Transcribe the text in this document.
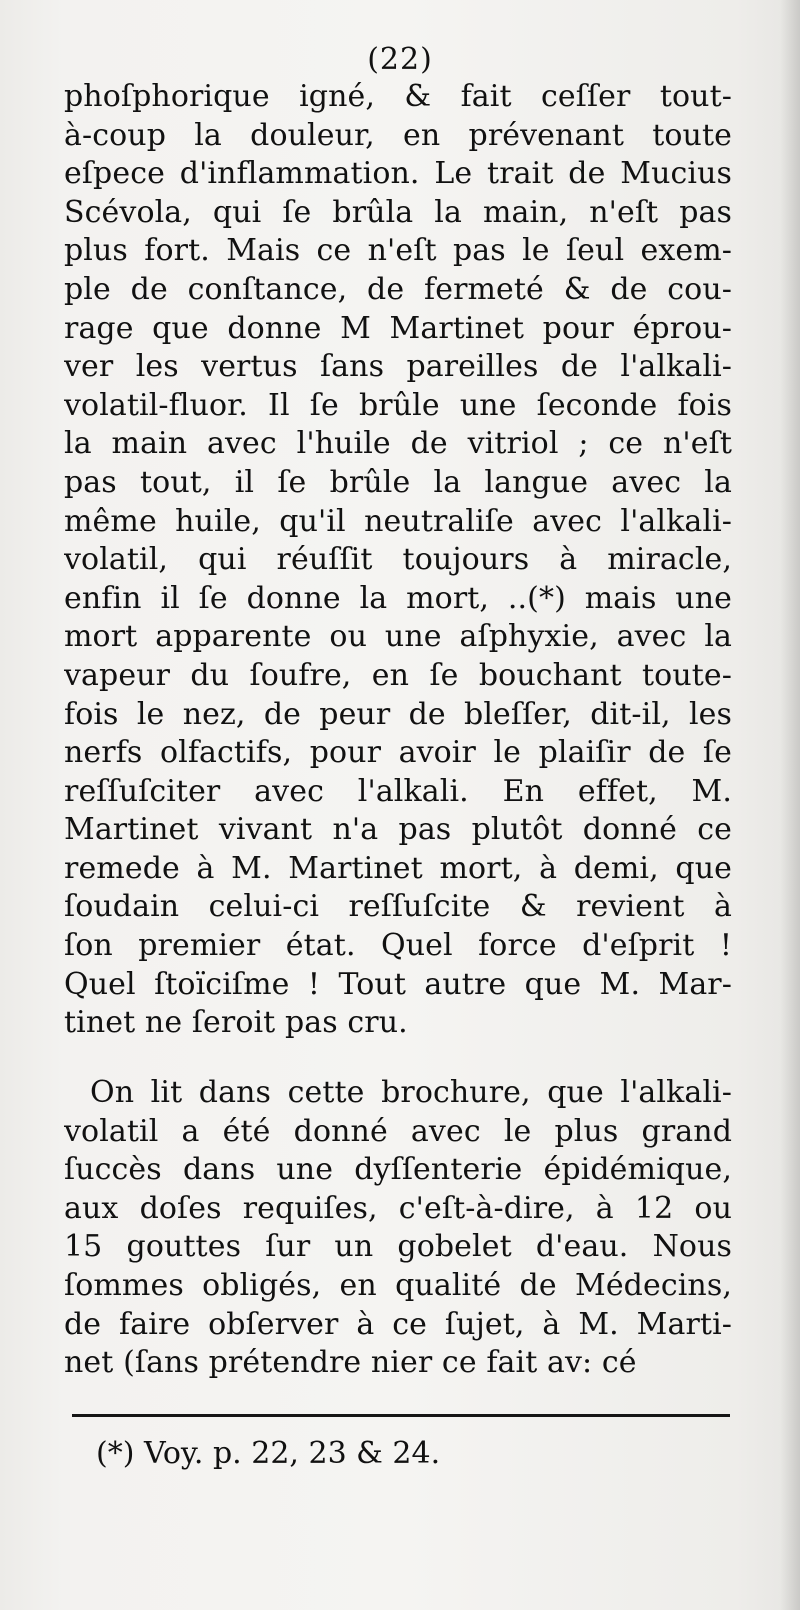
(22)
phoſphorique igné, & fait ceſſer tout-
à-coup la douleur, en prévenant toute
eſpece d'inflammation. Le trait de Mucius
Scévola, qui ſe brûla la main, n'eſt pas
plus fort. Mais ce n'eſt pas le ſeul exem-
ple de conſtance, de fermeté & de cou-
rage que donne M Martinet pour éprou-
ver les vertus ſans pareilles de l'alkali-
volatil-fluor. Il ſe brûle une ſeconde fois
la main avec l'huile de vitriol ; ce n'eſt
pas tout, il ſe brûle la langue avec la
même huile, qu'il neutraliſe avec l'alkali-
volatil, qui réuſſit toujours à miracle,
enfin il ſe donne la mort, ..(*) mais une
mort apparente ou une aſphyxie, avec la
vapeur du ſoufre, en ſe bouchant toute-
fois le nez, de peur de bleſſer, dit-il, les
nerfs olfactifs, pour avoir le plaiſir de ſe
reſſuſciter avec l'alkali. En effet, M.
Martinet vivant n'a pas plutôt donné ce
remede à M. Martinet mort, à demi, que
ſoudain celui-ci reſſuſcite & revient à
ſon premier état. Quel force d'eſprit !
Quel ſtoïciſme ! Tout autre que M. Mar-
tinet ne ſeroit pas cru.
On lit dans cette brochure, que l'alkali-
volatil a été donné avec le plus grand
ſuccès dans une dyſſenterie épidémique,
aux doſes requiſes, c'eſt-à-dire, à 12 ou
15 gouttes ſur un gobelet d'eau. Nous
ſommes obligés, en qualité de Médecins,
de faire obſerver à ce ſujet, à M. Marti-
net (ſans prétendre nier ce fait av: cé
(*) Voy. p. 22, 23 & 24.
